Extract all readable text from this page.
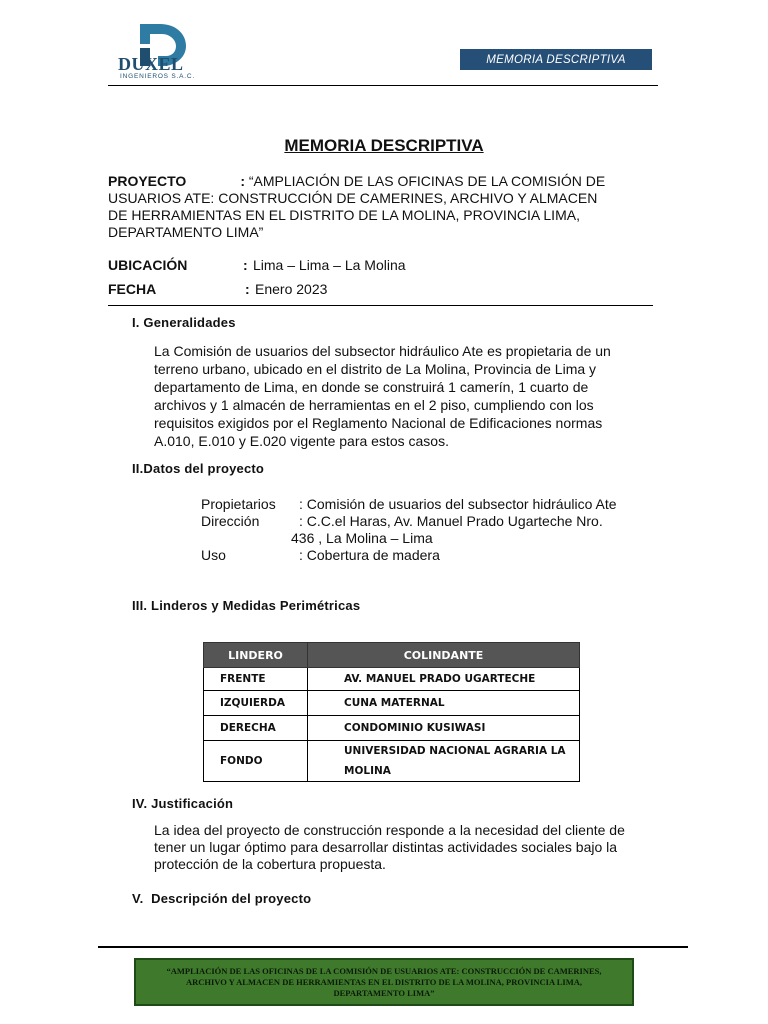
DUXEL
INGENIEROS S.A.C.
MEMORIA DESCRIPTIVA
MEMORIA DESCRIPTIVA
PROYECTO	: “AMPLIACIÓN DE LAS OFICINAS DE LA COMISIÓN DE
USUARIOS ATE: CONSTRUCCIÓN DE CAMERINES, ARCHIVO Y ALMACEN
DE HERRAMIENTAS EN EL DISTRITO DE LA MOLINA, PROVINCIA LIMA,
DEPARTAMENTO LIMA”
UBICACIÓN	: Lima – Lima – La Molina
FECHA	: Enero 2023
I. Generalidades
La Comisión de usuarios del subsector hidráulico Ate es propietaria de un
terreno urbano, ubicado en el distrito de La Molina, Provincia de Lima y
departamento de Lima, en donde se construirá 1 camerín, 1 cuarto de
archivos y 1 almacén de herramientas en el 2 piso, cumpliendo con los
requisitos exigidos por el Reglamento Nacional de Edificaciones normas
A.010, E.010 y E.020 vigente para estos casos.
II.Datos del proyecto
Propietarios : Comisión de usuarios del subsector hidráulico Ate
Dirección	: C.C.el Haras, Av. Manuel Prado Ugarteche Nro.
436 , La Molina – Lima
Uso	: Cobertura de madera
III. Linderos y Medidas Perimétricas
LINDERO	COLINDANTE
FRENTE	AV. MANUEL PRADO UGARTECHE
IZQUIERDA	CUNA MATERNAL
DERECHA	CONDOMINIO KUSIWASI
FONDO	UNIVERSIDAD NACIONAL AGRARIA LA
MOLINA
IV. Justificación
La idea del proyecto de construcción responde a la necesidad del cliente de
tener un lugar óptimo para desarrollar distintas actividades sociales bajo la
protección de la cobertura propuesta.
V.  Descripción del proyecto
“AMPLIACIÓN DE LAS OFICINAS DE LA COMISIÓN DE USUARIOS ATE: CONSTRUCCIÓN DE CAMERINES,
ARCHIVO Y ALMACEN DE HERRAMIENTAS EN EL DISTRITO DE LA MOLINA, PROVINCIA LIMA,
DEPARTAMENTO LIMA”
